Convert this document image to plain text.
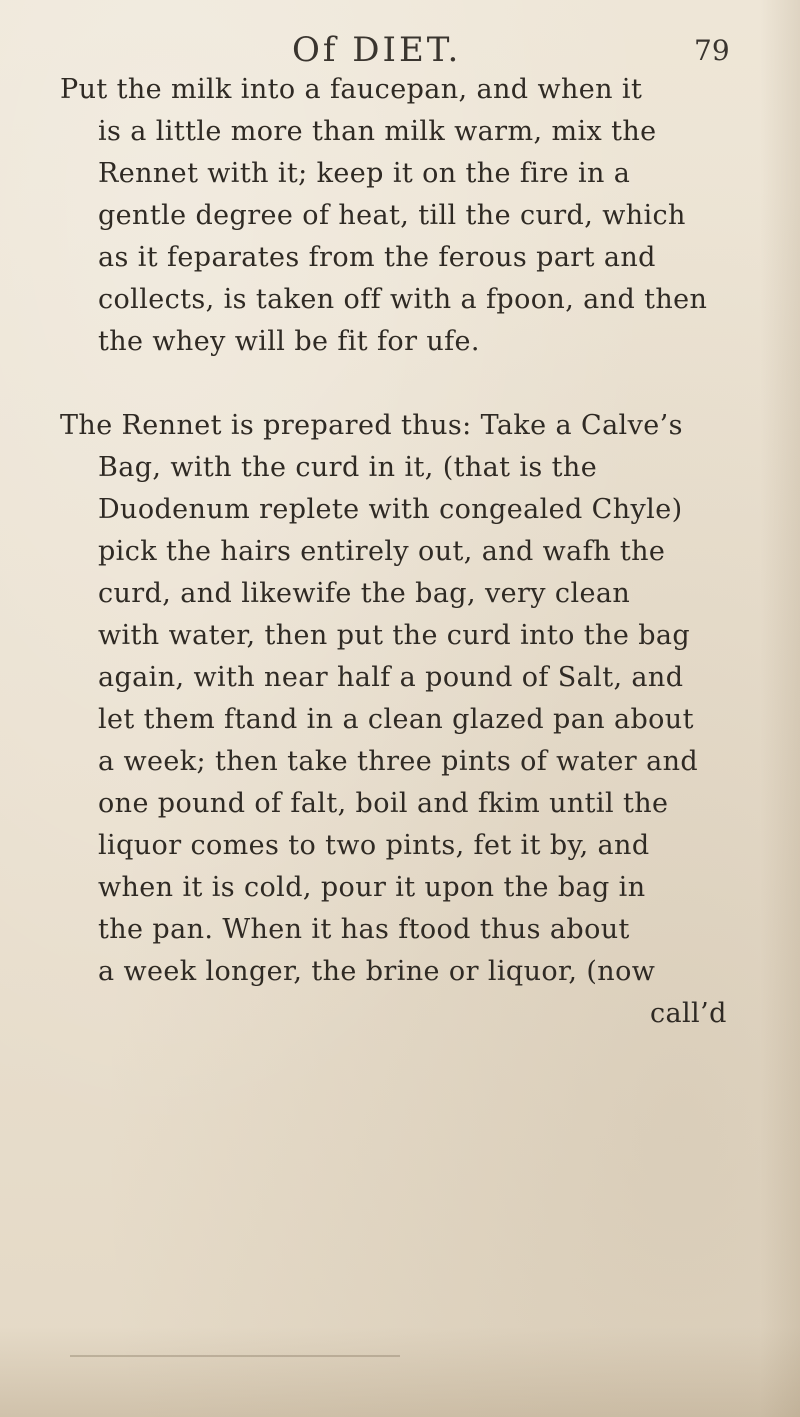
Of DIET.	79
Put the milk into a faucepan, and when it
is a little more than milk warm, mix the
Rennet with it; keep it on the fire in a
gentle degree of heat, till the curd, which
as it feparates from the ferous part and
collects, is taken off with a fpoon, and then
the whey will be fit for ufe.
The Rennet is prepared thus: Take a Calve’s
Bag, with the curd in it, (that is the
Duodenum replete with congealed Chyle)
pick the hairs entirely out, and wafh the
curd, and likewife the bag, very clean
with water, then put the curd into the bag
again, with near half a pound of Salt, and
let them ftand in a clean glazed pan about
a week; then take three pints of water and
one pound of falt, boil and fkim until the
liquor comes to two pints, fet it by, and
when it is cold, pour it upon the bag in
the pan. When it has ftood thus about
a week longer, the brine or liquor, (now
call’d
